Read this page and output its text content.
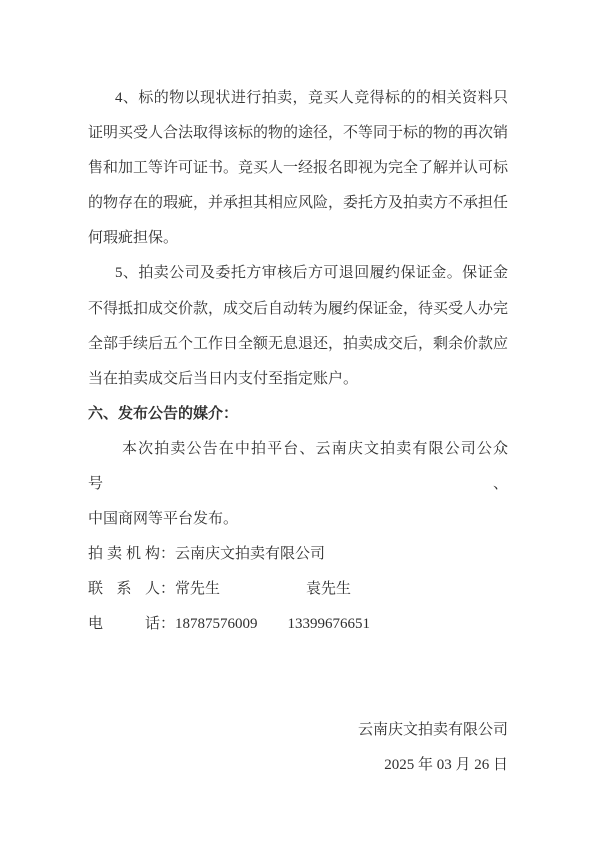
4、标的物以现状进行拍卖，竞买人竞得标的的相关资料只
证明买受人合法取得该标的物的途径，不等同于标的物的再次销
售和加工等许可证书。竞买人一经报名即视为完全了解并认可标
的物存在的瑕疵，并承担其相应风险，委托方及拍卖方不承担任
何瑕疵担保。
5、拍卖公司及委托方审核后方可退回履约保证金。保证金
不得抵扣成交价款，成交后自动转为履约保证金，待买受人办完
全部手续后五个工作日全额无息退还，拍卖成交后，剩余价款应
当在拍卖成交后当日内支付至指定账户。
六、发布公告的媒介：
本次拍卖公告在中拍平台、云南庆文拍卖有限公司公众号、
中国商网等平台发布。
拍卖机构：云南庆文拍卖有限公司
联系人：常先生	袁先生
电话：18787576009 13399676651
云南庆文拍卖有限公司
2025 年 03 月 26 日
